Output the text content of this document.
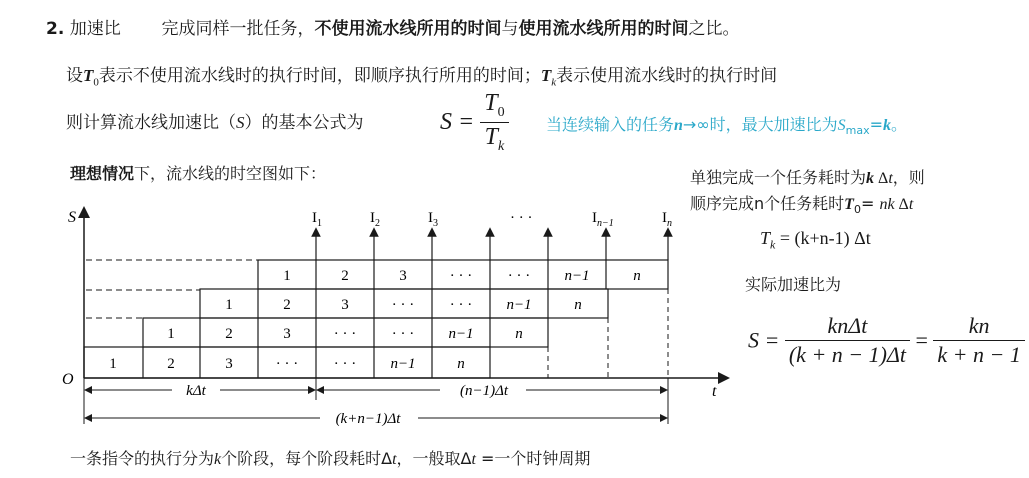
2. 加速比 完成同样一批任务，不使用流水线所用的时间与使用流水线所用的时间之比。
设$T_0$表示不使用流水线时的执行时间，即顺序执行所用的时间；$T_k$表示使用流水线时的执行时间
则计算流水线加速比（S）的基本公式为	$S = \frac{T_0}{T_k}$ 当连续输入的任务n→∞时，最大加速比为$S_{max}=k$。
理想情况下，流水线的时空图如下：	单独完成一个任务耗时为k Δt，则
顺序完成n个任务耗时$T_0=$ nk Δt
$T_k = (k+n-1)$ Δt
实际加速比为
$S = \frac{\text{knΔt}}{(k + n - 1)\Delta t} = \frac{kn}{k + n - 1}$
S
O
t
1	2	3	· · · · · · n−1	n
1	2	3	· · · · · · n−1	n
1	2	3	· · · · · · n−1	n
1	2	3	· · · · · · n−1	n
$I_1$	$I_2$	$I_3$	· · ·	$I_{n-1}$	$I_n$
kΔt	(n−1)Δt
(k+n−1)Δt
一条指令的执行分为k个阶段，每个阶段耗时Δt，一般取Δt =一个时钟周期
